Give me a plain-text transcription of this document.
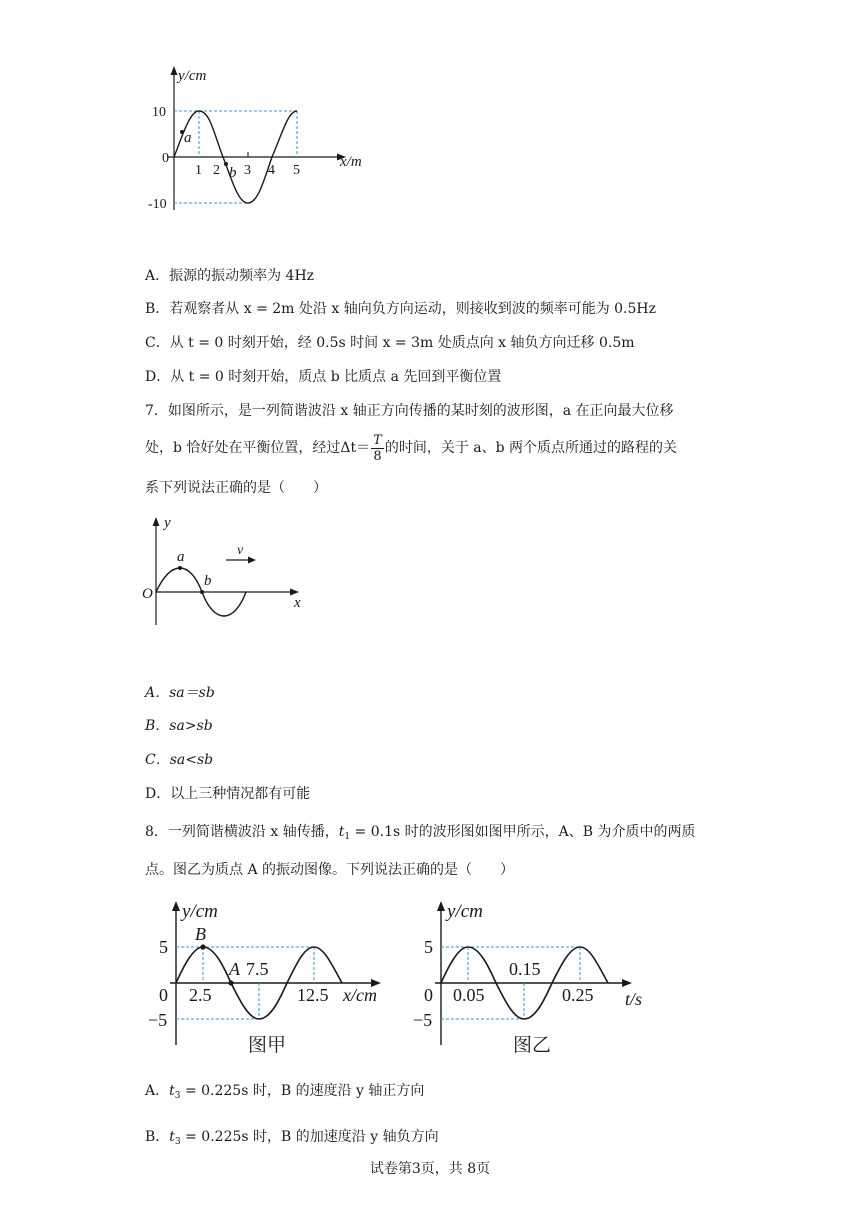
y/cm
x/m
10
0
-10
1 2 3 4 5
a
b
A．振源的振动频率为 4Hz
B．若观察者从 x = 2m 处沿 x 轴向负方向运动，则接收到波的频率可能为 0.5Hz
C．从 t = 0 时刻开始，经 0.5s 时间 x = 3m 处质点向 x 轴负方向迁移 0.5m
D．从 t = 0 时刻开始，质点 b 比质点 a 先回到平衡位置
7．如图所示，是一列简谐波沿 x 轴正方向传播的某时刻的波形图，a 在正向最大位移
处，b 恰好处在平衡位置，经过$\Delta t= \frac{T}{8}$ 的时间，关于 a、b 两个质点所通过的路程的关
系下列说法正确的是（　　）
y
x
O
a
b
v
A．sa＝sb
B．sa>sb
C．sa<sb
D．以上三种情况都有可能
8．一列简谐横波沿 x 轴传播，$t_1 = 0.1s$ 时的波形图如图甲所示，A、B 为介质中的两质
点。图乙为质点 A 的振动图像。下列说法正确的是（　　）
y/cm
x/cm
5
0
−5
2.5
7.5
12.5
A
B
图甲
y/cm
t/s
5
0
−5
0.05
0.15
0.25
图乙
A．$t_3 = 0.225s$ 时，B 的速度沿 y 轴正方向
B．$t_3 = 0.225s$ 时，B 的加速度沿 y 轴负方向
试卷第3页，共 8页
